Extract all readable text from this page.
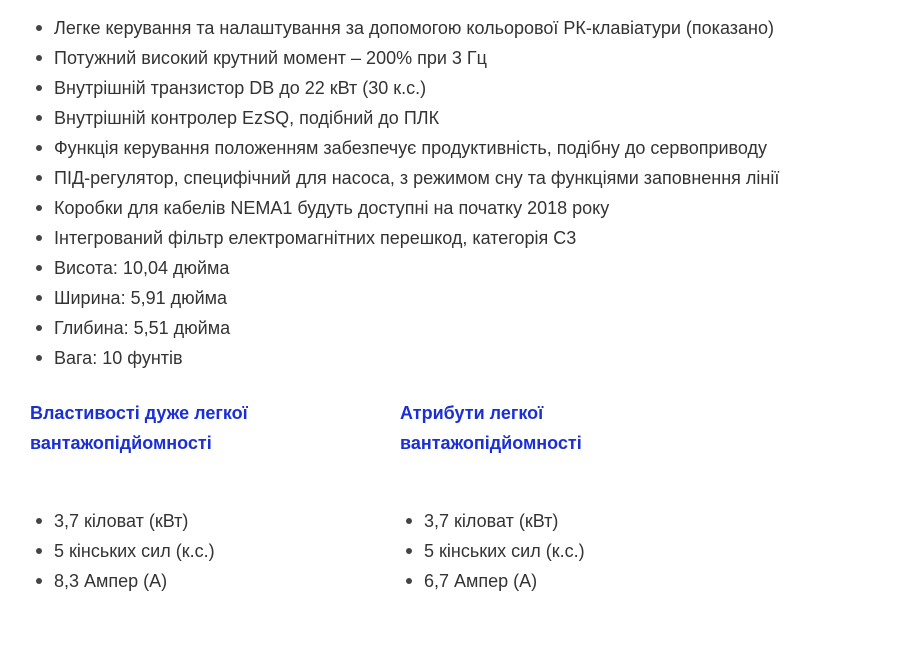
Легке керування та налаштування за допомогою кольорової РК-клавіатури (показано)
Потужний високий крутний момент – 200% при 3 Гц
Внутрішній транзистор DB до 22 кВт (30 к.с.)
Внутрішній контролер EzSQ, подібний до ПЛК
Функція керування положенням забезпечує продуктивність, подібну до сервоприводу
ПІД-регулятор, специфічний для насоса, з режимом сну та функціями заповнення лінії
Коробки для кабелів NEMA1 будуть доступні на початку 2018 року
Інтегрований фільтр електромагнітних перешкод, категорія C3
Висота: 10,04 дюйма
Ширина: 5,91 дюйма
Глибина: 5,51 дюйма
Вага: 10 фунтів
Властивості дуже легкої вантажопідйомності
3,7 кіловат (кВт)
5 кінських сил (к.с.)
8,3 Ампер (А)
Атрибути легкої вантажопідйомності
3,7 кіловат (кВт)
5 кінських сил (к.с.)
6,7 Ампер (А)
